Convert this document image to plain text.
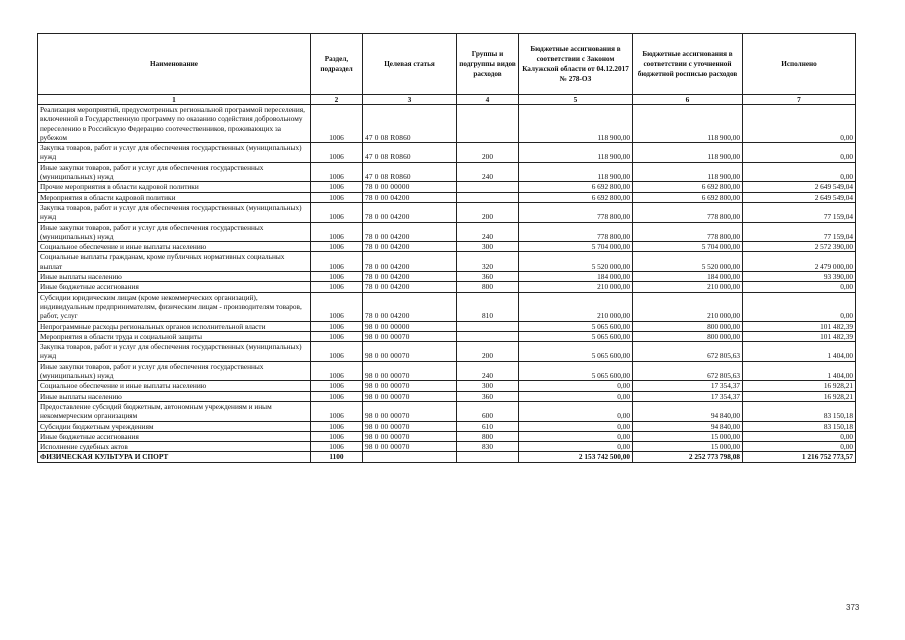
Наименование	Раздел, подраздел	Целевая статья	Группы и подгруппы видов расходов	Бюджетные ассигнования в соответствии с Законом Калужской области от 04.12.2017 № 278-ОЗ	Бюджетные ассигнования в соответствии с уточненной бюджетной росписью расходов	Исполнено
1	2	3	4	5	6	7
Реализация мероприятий, предусмотренных региональной программой переселения, включенной в Государственную программу по оказанию содействия добровольному переселению в Российскую Федерацию соотечественников, проживающих за рубежом	1006	47 0 08 R0860		118 900,00	118 900,00	0,00
Закупка товаров, работ и услуг для обеспечения государственных (муниципальных) нужд	1006	47 0 08 R0860	200	118 900,00	118 900,00	0,00
Иные закупки товаров, работ и услуг для обеспечения государственных (муниципальных) нужд	1006	47 0 08 R0860	240	118 900,00	118 900,00	0,00
Прочие мероприятия в области кадровой политики	1006	78 0 00 00000		6 692 800,00	6 692 800,00	2 649 549,04
Мероприятия в области кадровой политики	1006	78 0 00 04200		6 692 800,00	6 692 800,00	2 649 549,04
Закупка товаров, работ и услуг для обеспечения государственных (муниципальных) нужд	1006	78 0 00 04200	200	778 800,00	778 800,00	77 159,04
Иные закупки товаров, работ и услуг для обеспечения государственных (муниципальных) нужд	1006	78 0 00 04200	240	778 800,00	778 800,00	77 159,04
Социальное обеспечение и иные выплаты населению	1006	78 0 00 04200	300	5 704 000,00	5 704 000,00	2 572 390,00
Социальные выплаты гражданам, кроме публичных нормативных социальных выплат	1006	78 0 00 04200	320	5 520 000,00	5 520 000,00	2 479 000,00
Иные выплаты населению	1006	78 0 00 04200	360	184 000,00	184 000,00	93 390,00
Иные бюджетные ассигнования	1006	78 0 00 04200	800	210 000,00	210 000,00	0,00
Субсидии юридическим лицам (кроме некоммерческих организаций), индивидуальным предпринимателям, физическим лицам - производителям товаров, работ, услуг	1006	78 0 00 04200	810	210 000,00	210 000,00	0,00
Непрограммные расходы региональных органов исполнительной власти	1006	98 0 00 00000		5 065 600,00	800 000,00	101 482,39
Мероприятия в области труда и социальной защиты	1006	98 0 00 00070		5 065 600,00	800 000,00	101 482,39
Закупка товаров, работ и услуг для обеспечения государственных (муниципальных) нужд	1006	98 0 00 00070	200	5 065 600,00	672 805,63	1 404,00
Иные закупки товаров, работ и услуг для обеспечения государственных (муниципальных) нужд	1006	98 0 00 00070	240	5 065 600,00	672 805,63	1 404,00
Социальное обеспечение и иные выплаты населению	1006	98 0 00 00070	300	0,00	17 354,37	16 928,21
Иные выплаты населению	1006	98 0 00 00070	360	0,00	17 354,37	16 928,21
Предоставление субсидий бюджетным, автономным учреждениям и иным некоммерческим организациям	1006	98 0 00 00070	600	0,00	94 840,00	83 150,18
Субсидии бюджетным учреждениям	1006	98 0 00 00070	610	0,00	94 840,00	83 150,18
Иные бюджетные ассигнования	1006	98 0 00 00070	800	0,00	15 000,00	0,00
Исполнение судебных актов	1006	98 0 00 00070	830	0,00	15 000,00	0,00
ФИЗИЧЕСКАЯ КУЛЬТУРА И СПОРТ	1100			2 153 742 500,00	2 252 773 798,08	1 216 752 773,57
373
